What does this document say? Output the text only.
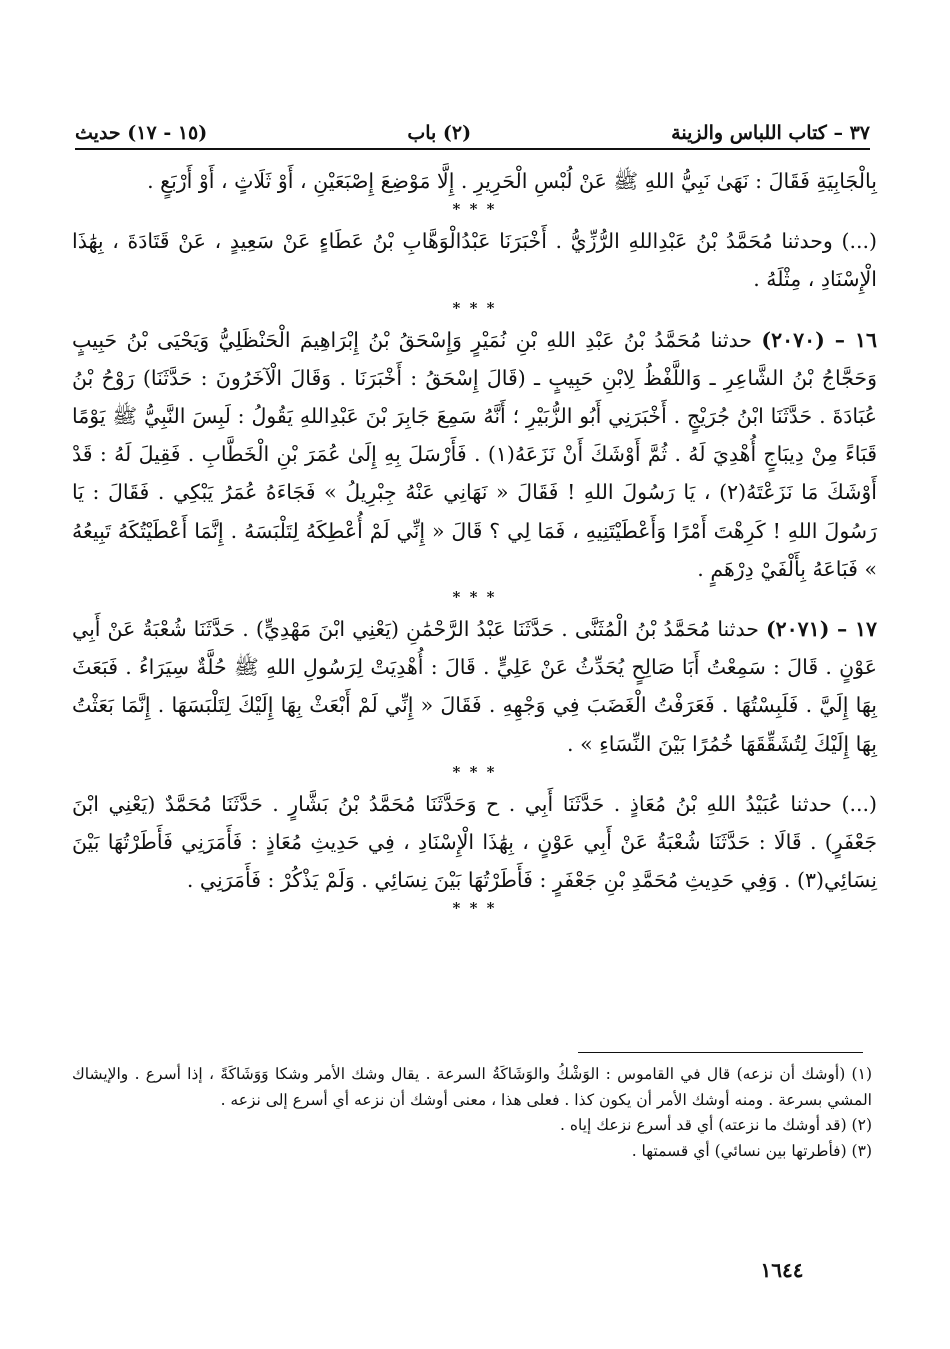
٣٧ – كتاب اللباس والزينة
(٢) باب
(١٥ - ١٧) حديث

بِالْجَابِيَةِ فَقَالَ : نَهَىٰ نَبِيُّ اللهِ ﷺ عَنْ لُبْسِ الْحَرِيرِ . إِلَّا مَوْضِعَ إِصْبَعَيْنِ ، أَوْ ثَلَاثٍ ، أَوْ أَرْبَعٍ .

* * *

(...) وحدثنا مُحَمَّدُ بْنُ عَبْدِاللهِ الرُّزِّيُّ . أَخْبَرَنَا عَبْدُالْوَهَّابِ بْنُ عَطَاءٍ عَنْ سَعِيدٍ ، عَنْ قَتَادَةَ ، بِهَٰذَا الْإِسْنَادِ ، مِثْلَهُ .

* * *

١٦ – (٢٠٧٠) حدثنا مُحَمَّدُ بْنُ عَبْدِ اللهِ بْنِ نُمَيْرٍ وَإِسْحَقُ بْنُ إِبْرَاهِيمَ الْحَنْظَلِيُّ وَيَحْيَى بْنُ حَبِيبٍ وَحَجَّاجُ بْنُ الشَّاعِرِ ـ وَاللَّفْظُ لِابْنِ حَبِيبٍ ـ (قَالَ إِسْحَقُ : أَخْبَرَنَا . وَقَالَ الْآخَرُونَ : حَدَّثَنَا) رَوْحُ بْنُ عُبَادَةَ . حَدَّثَنَا ابْنُ جُرَيْجٍ . أَخْبَرَنِي أَبُو الزُّبَيْرِ ؛ أَنَّهُ سَمِعَ جَابِرَ بْنَ عَبْدِاللهِ يَقُولُ : لَبِسَ النَّبِيُّ ﷺ يَوْمًا قَبَاءً مِنْ دِيبَاجٍ أُهْدِيَ لَهُ . ثُمَّ أَوْشَكَ أَنْ نَزَعَهُ(١) . فَأَرْسَلَ بِهِ إِلَىٰ عُمَرَ بْنِ الْخَطَّابِ . فَقِيلَ لَهُ : قَدْ أَوْشَكَ مَا نَزَعْتَهُ(٢) ، يَا رَسُولَ اللهِ ! فَقَالَ « نَهَانِي عَنْهُ جِبْرِيلُ » فَجَاءَهُ عُمَرُ يَبْكِي . فَقَالَ : يَا رَسُولَ اللهِ ! كَرِهْتَ أَمْرًا وَأَعْطَيْتَنِيهِ ، فَمَا لِي ؟ قَالَ « إِنِّي لَمْ أُعْطِكَهُ لِتَلْبَسَهُ . إِنَّمَا أَعْطَيْتُكَهُ تَبِيعُهُ » فَبَاعَهُ بِأَلْفَيْ دِرْهَمٍ .

* * *

١٧ – (٢٠٧١) حدثنا مُحَمَّدُ بْنُ الْمُثَنَّى . حَدَّثَنَا عَبْدُ الرَّحْمَٰنِ (يَعْنِي ابْنَ مَهْدِيٍّ) . حَدَّثَنَا شُعْبَةُ عَنْ أَبِي عَوْنٍ . قَالَ : سَمِعْتُ أَبَا صَالِحٍ يُحَدِّثُ عَنْ عَلِيٍّ . قَالَ : أُهْدِيَتْ لِرَسُولِ اللهِ ﷺ حُلَّةٌ سِيَرَاءُ . فَبَعَثَ بِهَا إِلَيَّ . فَلَبِسْتُهَا . فَعَرَفْتُ الْغَضَبَ فِي وَجْهِهِ . فَقَالَ « إِنِّي لَمْ أَبْعَثْ بِهَا إِلَيْكَ لِتَلْبَسَهَا . إِنَّمَا بَعَثْتُ بِهَا إِلَيْكَ لِتُشَقِّقَهَا خُمُرًا بَيْنَ النِّسَاءِ » .

* * *

(...) حدثنا عُبَيْدُ اللهِ بْنُ مُعَاذٍ . حَدَّثَنَا أَبِي . ح وَحَدَّثَنَا مُحَمَّدُ بْنُ بَشَّارٍ . حَدَّثَنَا مُحَمَّدٌ (يَعْنِي ابْنَ جَعْفَرٍ) . قَالَا : حَدَّثَنَا شُعْبَةُ عَنْ أَبِي عَوْنٍ ، بِهَٰذَا الْإِسْنَادِ ، فِي حَدِيثِ مُعَاذٍ : فَأَمَرَنِي فَأَطَرْتُهَا بَيْنَ نِسَائِي(٣) . وَفِي حَدِيثِ مُحَمَّدِ بْنِ جَعْفَرٍ : فَأَطَرْتُهَا بَيْنَ نِسَائِي . وَلَمْ يَذْكُرْ : فَأَمَرَنِي .

* * *

(١) (أوشك أن نزعه) قال في القاموس : الوَشْكُ والوَشَاكَةُ السرعة . يقال وشك الأمر وشكا وَوَشَاكَةً ، إذا أسرع . والإيشاك المشي بسرعة . ومنه أوشك الأمر أن يكون كذا . فعلى هذا ، معنى أوشك أن نزعه أي أسرع إلى نزعه .

(٢) (قد أوشك ما نزعته) أي قد أسرع نزعك إياه .

(٣) (فأطرتها بين نسائي) أي قسمتها .

١٦٤٤
